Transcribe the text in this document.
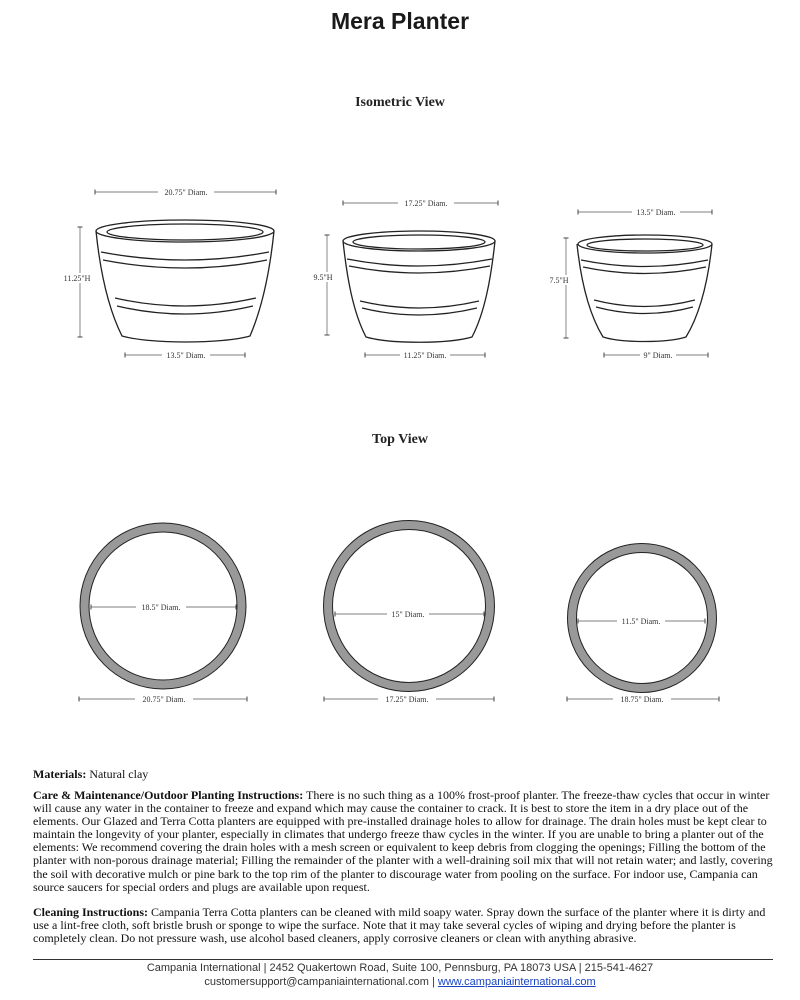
Mera Planter
Isometric View
Top View
20.75" Diam.
11.25"H
13.5" Diam.
17.25" Diam.
9.5"H
11.25" Diam.
13.5" Diam.
7.5"H
9" Diam.
18.5" Diam.
20.75" Diam.
15" Diam.
17.25" Diam.
11.5" Diam.
18.75" Diam.
Materials: Natural clay
Care & Maintenance/Outdoor Planting Instructions: There is no such thing as a 100% frost-proof planter. The freeze-thaw cycles that occur in winter will cause any water in the container to freeze and expand which may cause the container to crack. It is best to store the item in a dry place out of the elements. Our Glazed and Terra Cotta planters are equipped with pre-installed drainage holes to allow for drainage. The drain holes must be kept clear to maintain the longevity of your planter, especially in climates that undergo freeze thaw cycles in the winter. If you are unable to bring a planter out of the elements: We recommend covering the drain holes with a mesh screen or equivalent to keep debris from clogging the openings; Filling the bottom of the planter with non-porous drainage material; Filling the remainder of the planter with a well-draining soil mix that will not retain water; and lastly, covering the soil with decorative mulch or pine bark to the top rim of the planter to discourage water from pooling on the surface. For indoor use, Campania can source saucers for special orders and plugs are available upon request.
Cleaning Instructions: Campania Terra Cotta planters can be cleaned with mild soapy water. Spray down the surface of the planter where it is dirty and use a lint-free cloth, soft bristle brush or sponge to wipe the surface. Note that it may take several cycles of wiping and drying before the planter is completely clean. Do not pressure wash, use alcohol based cleaners, apply corrosive cleaners or clean with anything abrasive.
Campania International | 2452 Quakertown Road, Suite 100, Pennsburg, PA 18073 USA | 215-541-4627
customersupport@campaniainternational.com | www.campaniainternational.com
